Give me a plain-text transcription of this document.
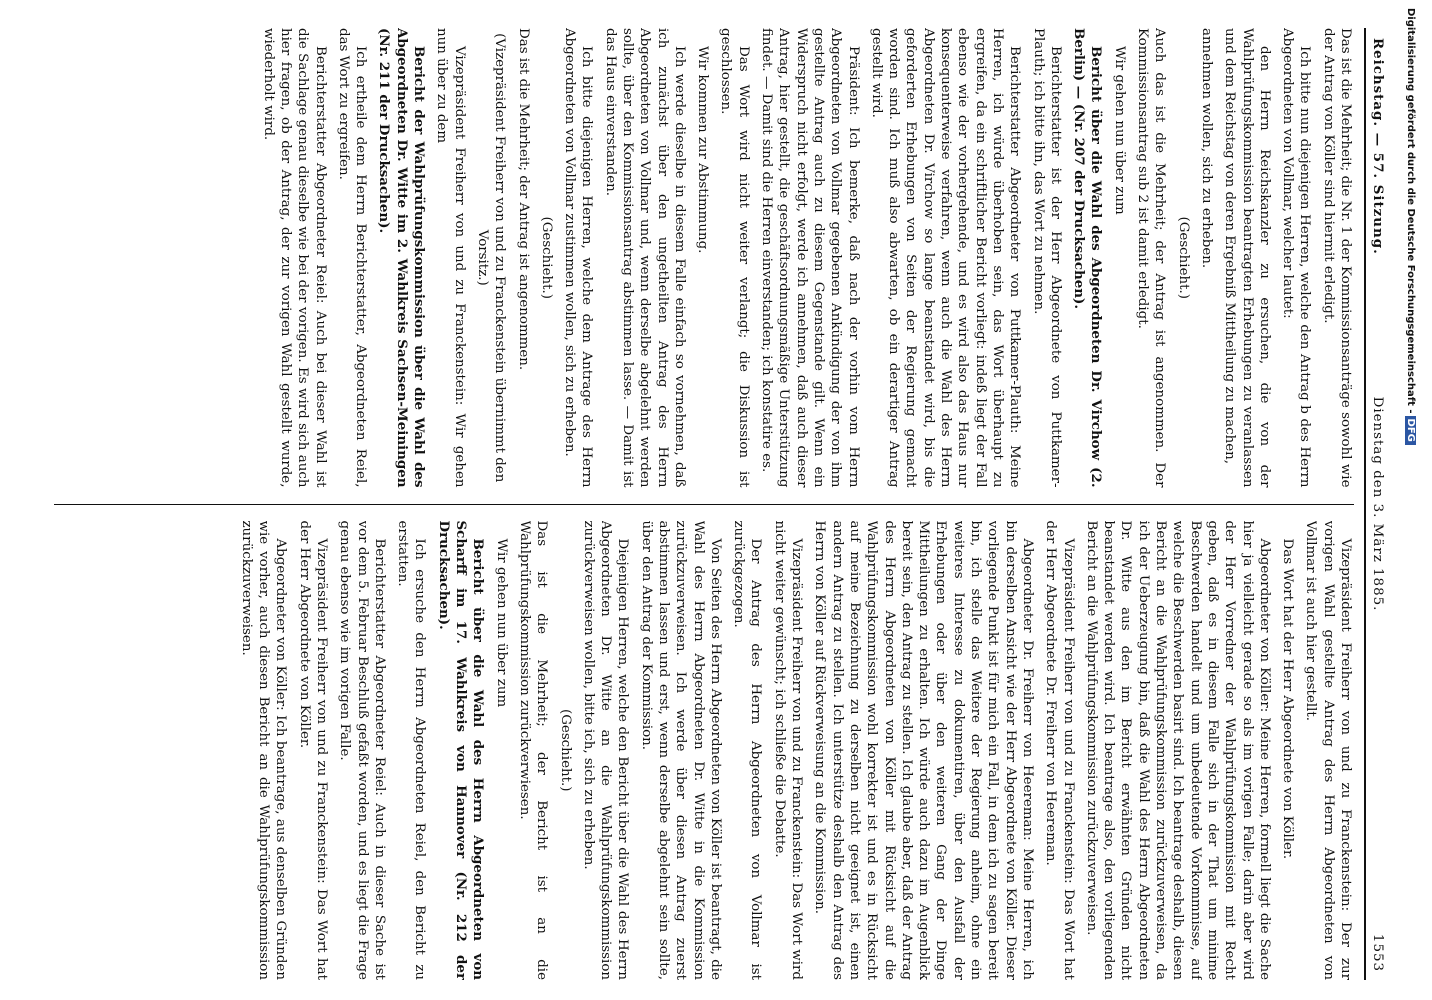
Reichstag. — 57. Sitzung.
Dienstag den 3. März 1885.
1553

Das ist die Mehrheit; die Nr. 1 der Kommissionsanträge sowohl wie der Antrag von Köller sind hiermit erledigt.

Ich bitte nun diejenigen Herren, welche den Antrag b des Herrn Abgeordneten von Vollmar, welcher lautet:

den Herrn Reichskanzler zu ersuchen, die von der Wahlprüfungskommission beantragten Erhebungen zu veranlassen und dem Reichstag von deren Ergebniß Mittheilung zu machen,

annehmen wollen, sich zu erheben.

(Geschieht.)

Auch das ist die Mehrheit; der Antrag ist angenommen. Der Kommissionsantrag sub 2 ist damit erledigt.

Wir gehen nun über zum

Bericht über die Wahl des Abgeordneten Dr. Virchow (2. Berlin) — (Nr. 207 der Drucksachen).

Berichterstatter ist der Herr Abgeordnete von Puttkamer-Plauth; ich bitte ihn, das Wort zu nehmen.

Berichterstatter Abgeordneter von Puttkamer-Plauth: Meine Herren, ich würde überhoben sein, das Wort überhaupt zu ergreifen, da ein schriftlicher Bericht vorliegt: indeß liegt der Fall ebenso wie der vorhergehende, und es wird also das Haus nur konsequenterweise verfahren, wenn auch die Wahl des Herrn Abgeordneten Dr. Virchow so lange beanstandet wird, bis die geforderten Erhebungen von Seiten der Regierung gemacht worden sind. Ich muß also abwarten, ob ein derartiger Antrag gestellt wird.

Präsident: Ich bemerke, daß nach der vorhin vom Herrn Abgeordneten von Vollmar gegebenen Ankündigung der von ihm gestellte Antrag auch zu diesem Gegenstande gilt. Wenn ein Widerspruch nicht erfolgt, werde ich annehmen, daß auch dieser Antrag, hier gestellt, die geschäftsordnungsmäßige Unterstützung findet. — Damit sind die Herren einverstanden; ich konstatire es.

Das Wort wird nicht weiter verlangt; die Diskussion ist geschlossen.

Wir kommen zur Abstimmung.

Ich werde dieselbe in diesem Falle einfach so vornehmen, daß ich zunächst über den ungetheilten Antrag des Herrn Abgeordneten von Vollmar und, wenn derselbe abgelehnt werden sollte, über den Kommissionsantrag abstimmen lasse. — Damit ist das Haus einverstanden.

Ich bitte diejenigen Herren, welche dem Antrage des Herrn Abgeordneten von Vollmar zustimmen wollen, sich zu erheben.

(Geschieht.)

Das ist die Mehrheit; der Antrag ist angenommen.

(Vizepräsident Freiherr von und zu Franckenstein übernimmt den Vorsitz.)

Vizepräsident Freiherr von und zu Franckenstein: Wir gehen nun über zu dem

Bericht der Wahlprüfungskommission über die Wahl des Abgeordneten Dr. Witte im 2. Wahlkreis Sachsen-Meiningen (Nr. 211 der Drucksachen).

Ich ertheile dem Herrn Berichterstatter, Abgeordneten Reiel, das Wort zu ergreifen.

Berichterstatter Abgeordneter Reiel: Auch bei dieser Wahl ist die Sachlage genau dieselbe wie bei der vorigen. Es wird sich auch hier fragen, ob der Antrag, der zur vorigen Wahl gestellt wurde, wiederholt wird.

Vizepräsident Freiherr von und zu Franckenstein: Der zur vorigen Wahl gestellte Antrag des Herrn Abgeordneten von Vollmar ist auch hier gestellt.

Das Wort hat der Herr Abgeordnete von Köller.

Abgeordneter von Köller: Meine Herren, formell liegt die Sache hier ja vielleicht gerade so als im vorigen Falle; darin aber wird der Herr Vorredner der Wahlprüfungskommission mit Recht geben, daß es in diesem Falle sich in der That um minime Beschwerden handelt und um unbedeutende Vorkommnisse, auf welche die Beschwerden basirt sind. Ich beantrage deshalb, diesen Bericht an die Wahlprüfungskommission zurückzuverweisen, da ich der Ueberzeugung bin, daß die Wahl des Herrn Abgeordneten Dr. Witte aus den im Bericht erwähnten Gründen nicht beanstandet werden wird. Ich beantrage also, den vorliegenden Bericht an die Wahlprüfungskommission zurückzuverweisen.

Vizepräsident Freiherr von und zu Franckenstein: Das Wort hat der Herr Abgeordnete Dr. Freiherr von Heereman.

Abgeordneter Dr. Freiherr von Heereman: Meine Herren, ich bin derselben Ansicht wie der Herr Abgeordnete von Köller. Dieser vorliegende Punkt ist für mich ein Fall, in dem ich zu sagen bereit bin, ich stelle das Weitere der Regierung anheim, ohne ein weiteres Interesse zu dokumentiren, über den Ausfall der Erhebungen oder über den weiteren Gang der Dinge Mittheilungen zu erhalten. Ich würde auch dazu im Augenblick bereit sein, den Antrag zu stellen. Ich glaube aber, daß der Antrag des Herrn Abgeordneten von Köller mit Rücksicht auf die Wahlprüfungskommission wohl korrekter ist und es in Rücksicht auf meine Bezeichnung zu derselben nicht geeignet ist, einen andern Antrag zu stellen. Ich unterstütze deshalb den Antrag des Herrn von Köller auf Rückverweisung an die Kommission.

Vizepräsident Freiherr von und zu Franckenstein: Das Wort wird nicht weiter gewünscht; ich schließe die Debatte.

Der Antrag des Herrn Abgeordneten von Vollmar ist zurückgezogen.

Von Seiten des Herrn Abgeordneten von Köller ist beantragt, die Wahl des Herrn Abgeordneten Dr. Witte in die Kommission zurückzuverweisen. Ich werde über diesen Antrag zuerst abstimmen lassen und erst, wenn derselbe abgelehnt sein sollte, über den Antrag der Kommission.

Diejenigen Herren, welche den Bericht über die Wahl des Herrn Abgeordneten Dr. Witte an die Wahlprüfungskommission zurückverweisen wollen, bitte ich, sich zu erheben.

(Geschieht.)

Das ist die Mehrheit; der Bericht ist an die Wahlprüfungskommission zurückverwiesen.

Wir gehen nun über zum

Bericht über die Wahl des Herrn Abgeordneten von Scharff im 17. Wahlkreis von Hannover (Nr. 212 der Drucksachen).

Ich ersuche den Herrn Abgeordneten Reiel, den Bericht zu erstatten.

Berichterstatter Abgeordneter Reiel: Auch in dieser Sache ist vor dem 5. Februar Beschluß gefaßt worden, und es liegt die Frage genau ebenso wie im vorigen Falle.

Vizepräsident Freiherr von und zu Franckenstein: Das Wort hat der Herr Abgeordnete von Köller.

Abgeordneter von Köller: Ich beantrage, aus denselben Gründen wie vorher, auch diesen Bericht an die Wahlprüfungskommission zurückzuverweisen.

Digitalisierung gefördert durch die Deutsche Forschungsgemeinschaft -DFG
